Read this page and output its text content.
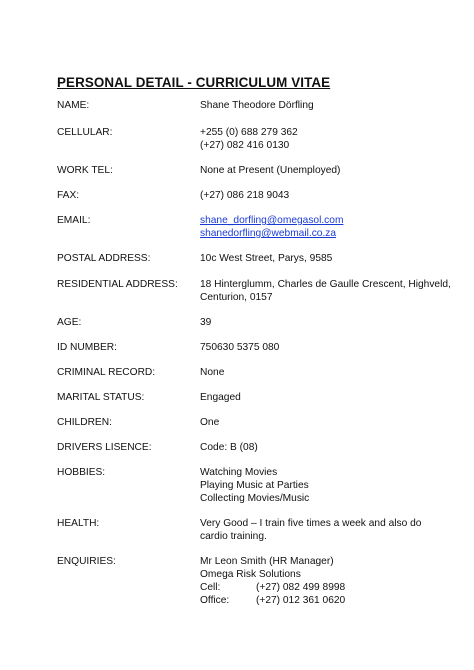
PERSONAL DETAIL - CURRICULUM VITAE
NAME:	Shane Theodore Dörfling
CELLULAR:	+255 (0) 688 279 362
(+27) 082 416 0130
WORK TEL:	None at Present (Unemployed)
FAX:	(+27) 086 218 9043
EMAIL:	shane_dorfling@omegasol.com
shanedorfling@webmail.co.za
POSTAL ADDRESS:	10c West Street, Parys, 9585
RESIDENTIAL ADDRESS: 18 Hinterglumm, Charles de Gaulle Crescent, Highveld,
Centurion, 0157
AGE:	39
ID NUMBER:	750630 5375 080
CRIMINAL RECORD:	None
MARITAL STATUS:	Engaged
CHILDREN:	One
DRIVERS LISENCE:	Code: B (08)
HOBBIES:	Watching Movies
Playing Music at Parties
Collecting Movies/Music
HEALTH:	Very Good – I train five times a week and also do
cardio training.
ENQUIRIES:	Mr Leon Smith (HR Manager)
Omega Risk Solutions
Cell:	(+27) 082 499 8998
Office:	(+27) 012 361 0620
